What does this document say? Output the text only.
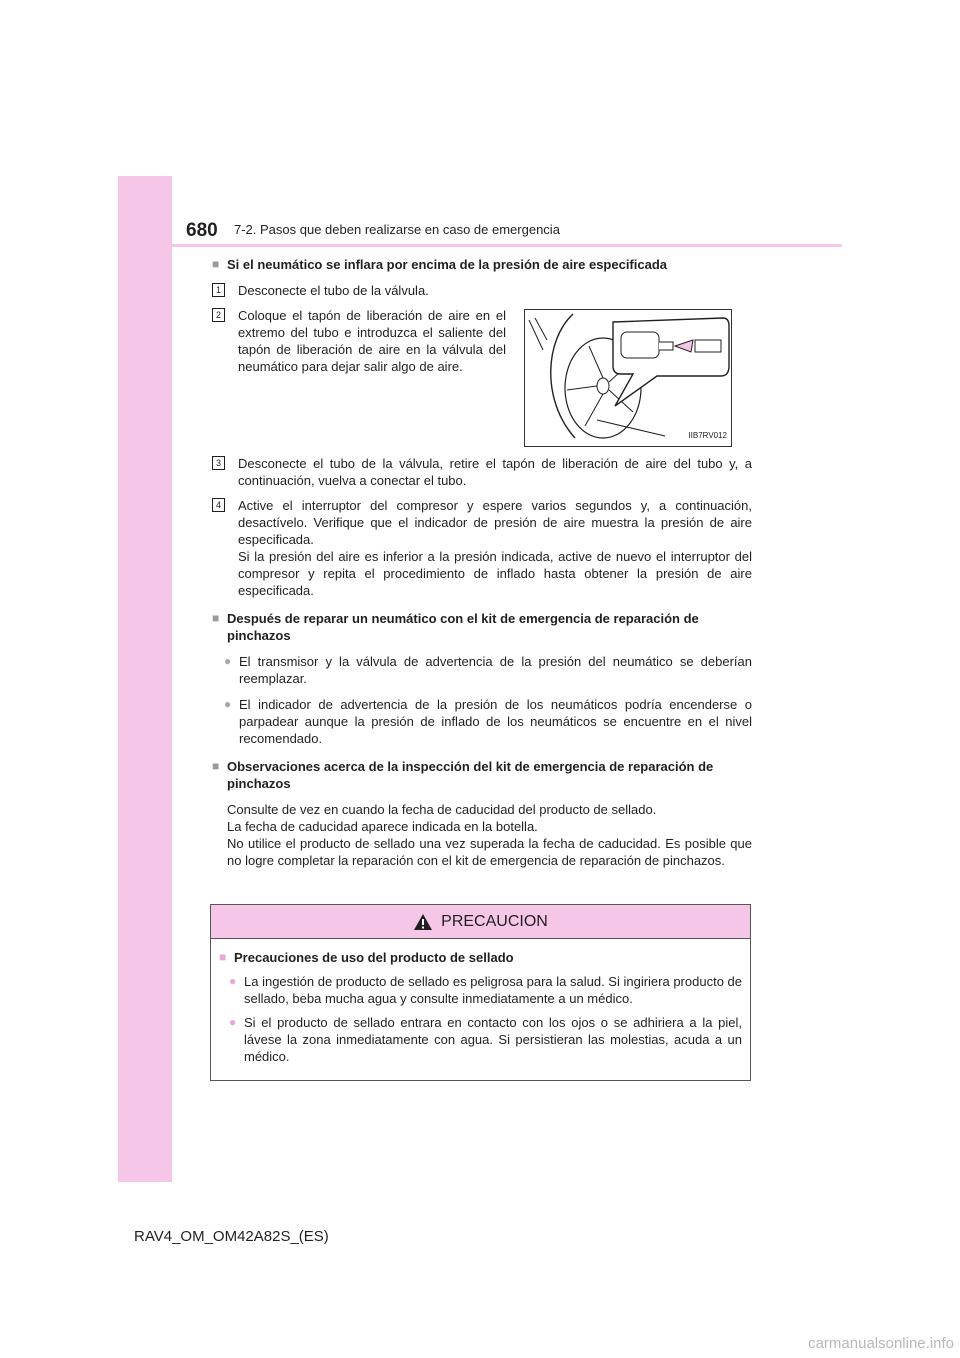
680 7-2. Pasos que deben realizarse en caso de emergencia
■ Si el neumático se inflara por encima de la presión de aire especificada
1	Desconecte el tubo de la válvula.
2	Coloque el tapón de liberación de aire en el extremo del tubo e introduzca el saliente del tapón de liberación de aire en la válvula del neumático para dejar salir algo de aire.
IIB7RV012
3	Desconecte el tubo de la válvula, retire el tapón de liberación de aire del tubo y, a continuación, vuelva a conectar el tubo.
4	Active el interruptor del compresor y espere varios segundos y, a continuación, desactívelo. Verifique que el indicador de presión de aire muestra la presión de aire especificada.
Si la presión del aire es inferior a la presión indicada, active de nuevo el interruptor del compresor y repita el procedimiento de inflado hasta obtener la presión de aire especificada.
■ Después de reparar un neumático con el kit de emergencia de reparación de pinchazos
● El transmisor y la válvula de advertencia de la presión del neumático se deberían reemplazar.
● El indicador de advertencia de la presión de los neumáticos podría encenderse o parpadear aunque la presión de inflado de los neumáticos se encuentre en el nivel recomendado.
■ Observaciones acerca de la inspección del kit de emergencia de reparación de pinchazos

Consulte de vez en cuando la fecha de caducidad del producto de sellado.

La fecha de caducidad aparece indicada en la botella.

No utilice el producto de sellado una vez superada la fecha de caducidad. Es posible que no logre completar la reparación con el kit de emergencia de reparación de pinchazos.

PRECAUCION
■ Precauciones de uso del producto de sellado
● La ingestión de producto de sellado es peligrosa para la salud. Si ingiriera producto de sellado, beba mucha agua y consulte inmediatamente a un médico.
● Si el producto de sellado entrara en contacto con los ojos o se adhiriera a la piel, lávese la zona inmediatamente con agua. Si persistieran las molestias, acuda a un médico.
RAV4_OM_OM42A82S_(ES)
carmanualsonline.info
